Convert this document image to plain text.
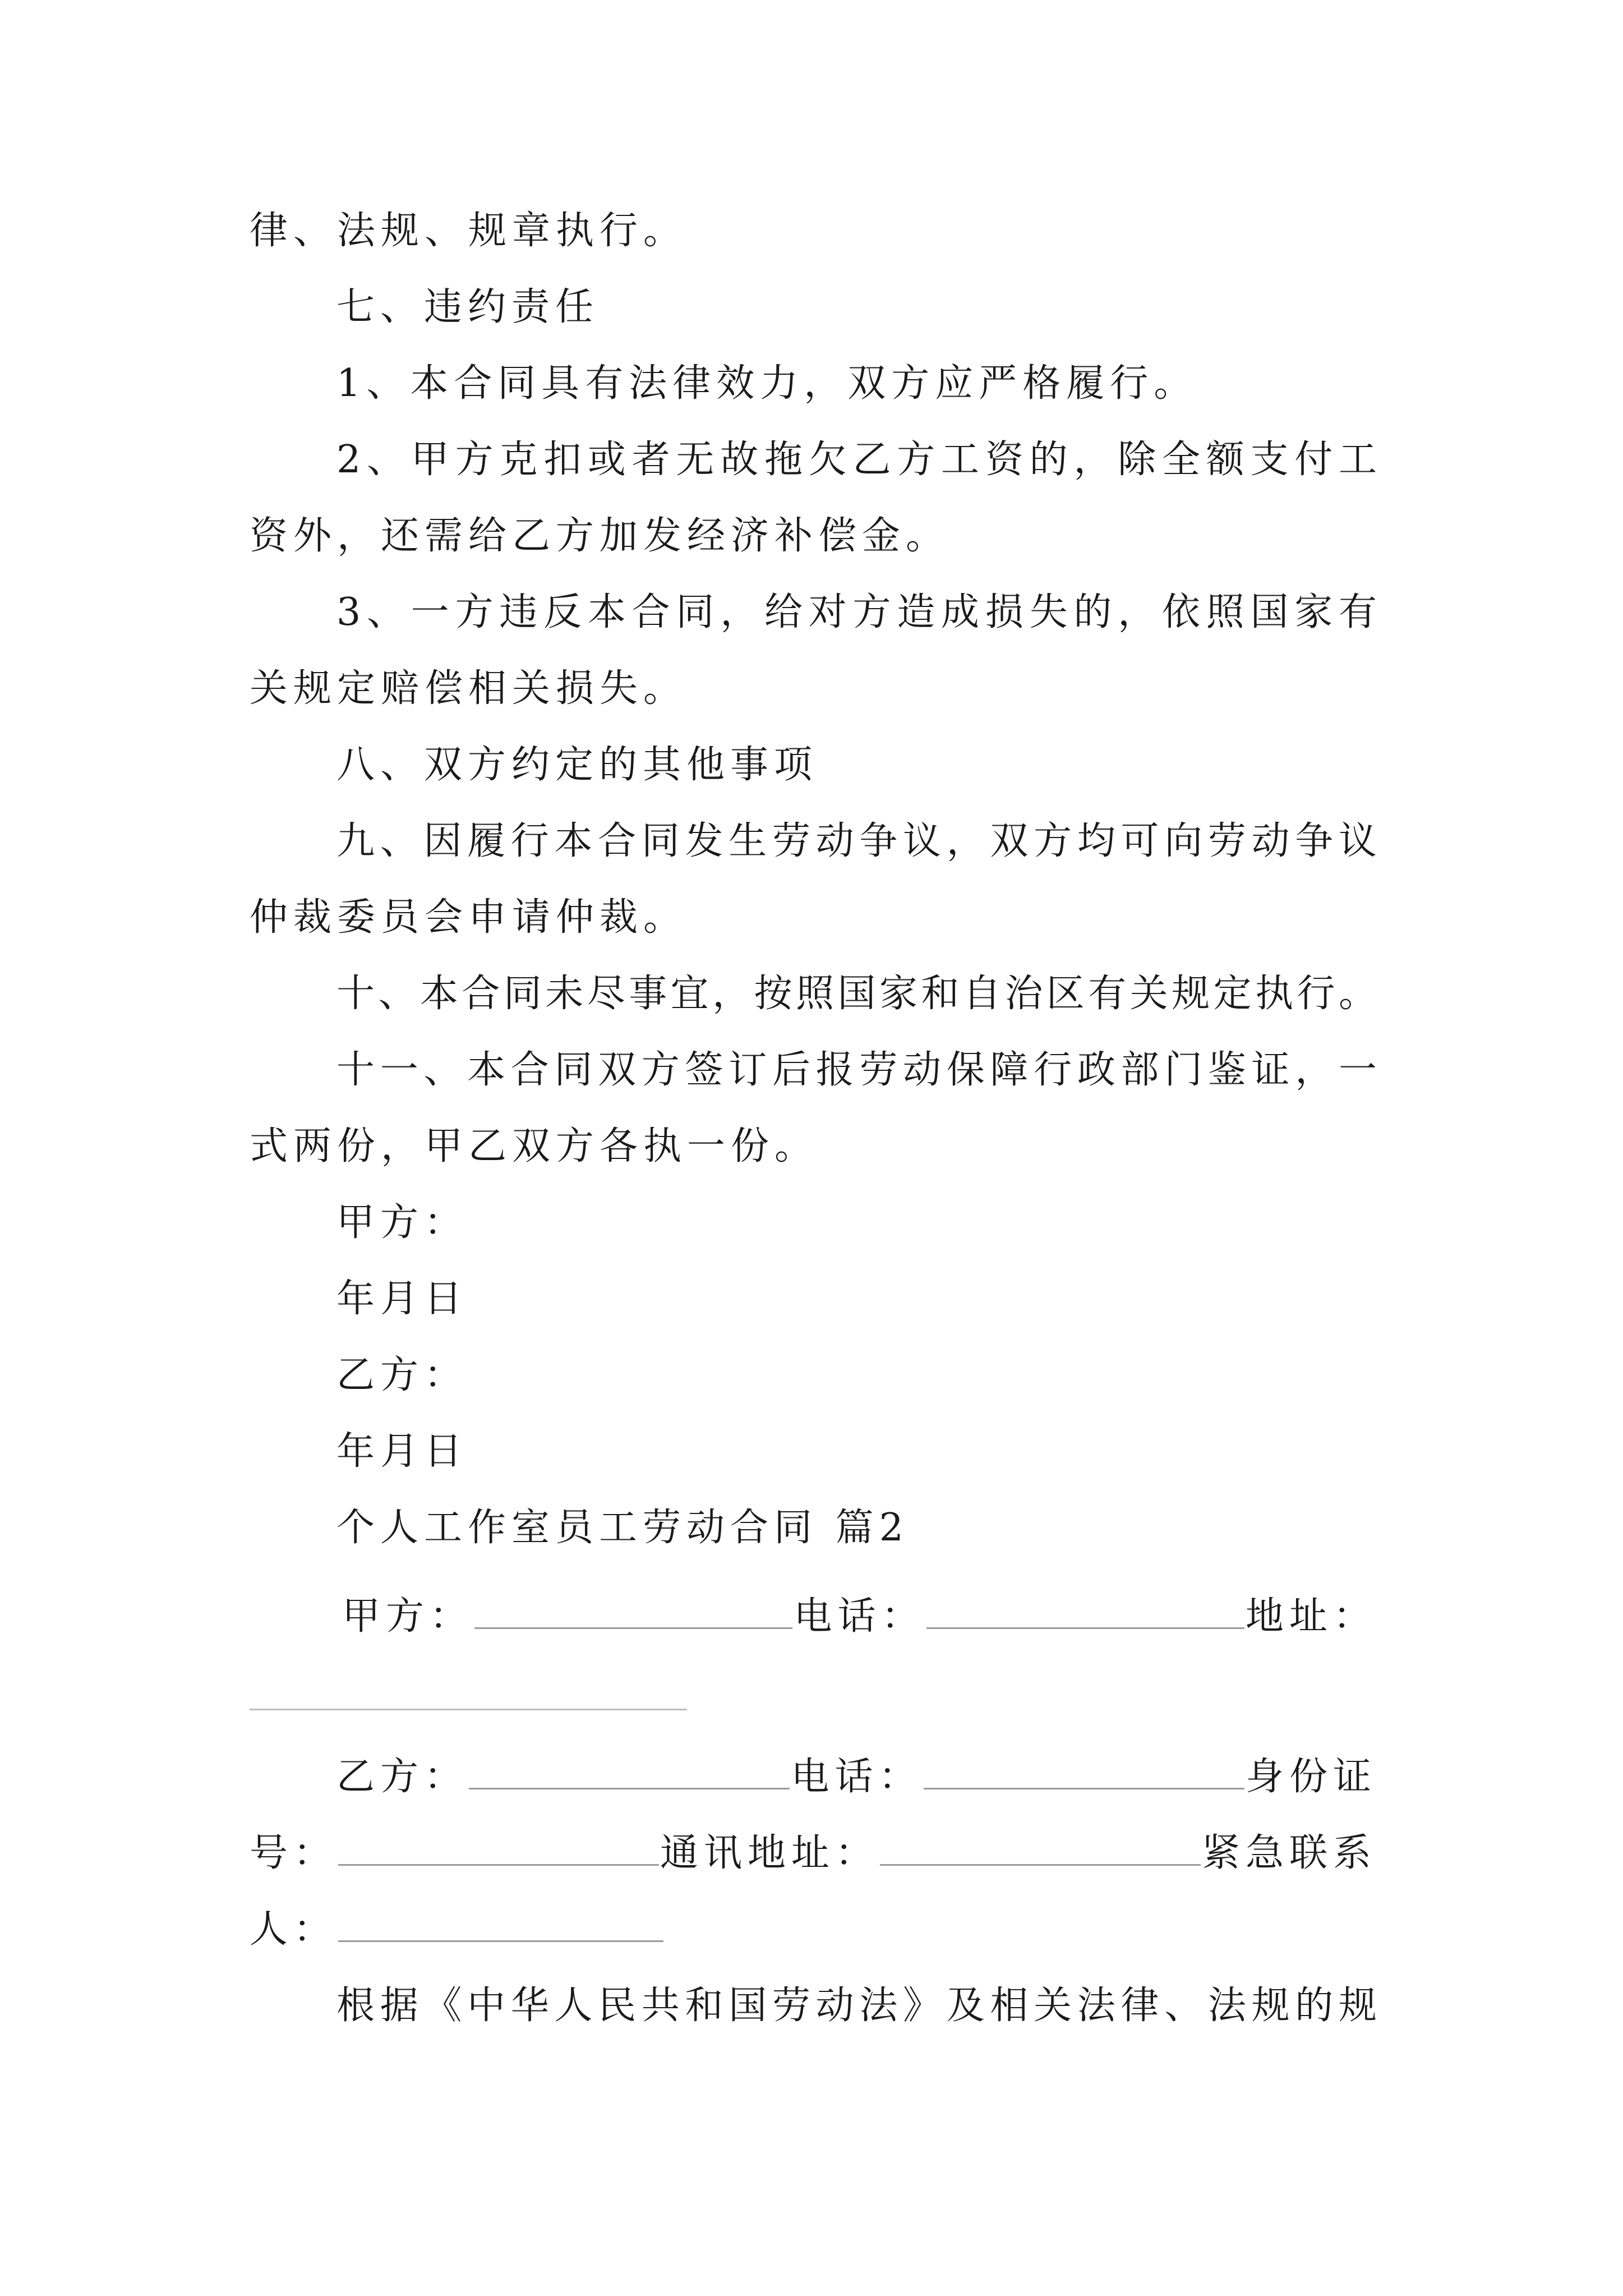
律、法规、规章执行。
七、违约责任
1、本合同具有法律效力，双方应严格履行。
2、甲方克扣或者无故拖欠乙方工资的，除全额支付工
资外，还需给乙方加发经济补偿金。
3、一方违反本合同，给对方造成损失的，依照国家有
关规定赔偿相关损失。
八、双方约定的其他事项
九、因履行本合同发生劳动争议，双方均可向劳动争议
仲裁委员会申请仲裁。
十、本合同未尽事宜，按照国家和自治区有关规定执行。
十一、本合同双方签订后报劳动保障行政部门鉴证，一
式两份，甲乙双方各执一份。
甲方：
年月日
乙方：
年月日
个人工作室员工劳动合同 篇2
甲方：	电话：	地址：
乙方：	电话：	身份证
号：	通讯地址：	紧急联系
人：
根据《中华人民共和国劳动法》及相关法律、法规的规
